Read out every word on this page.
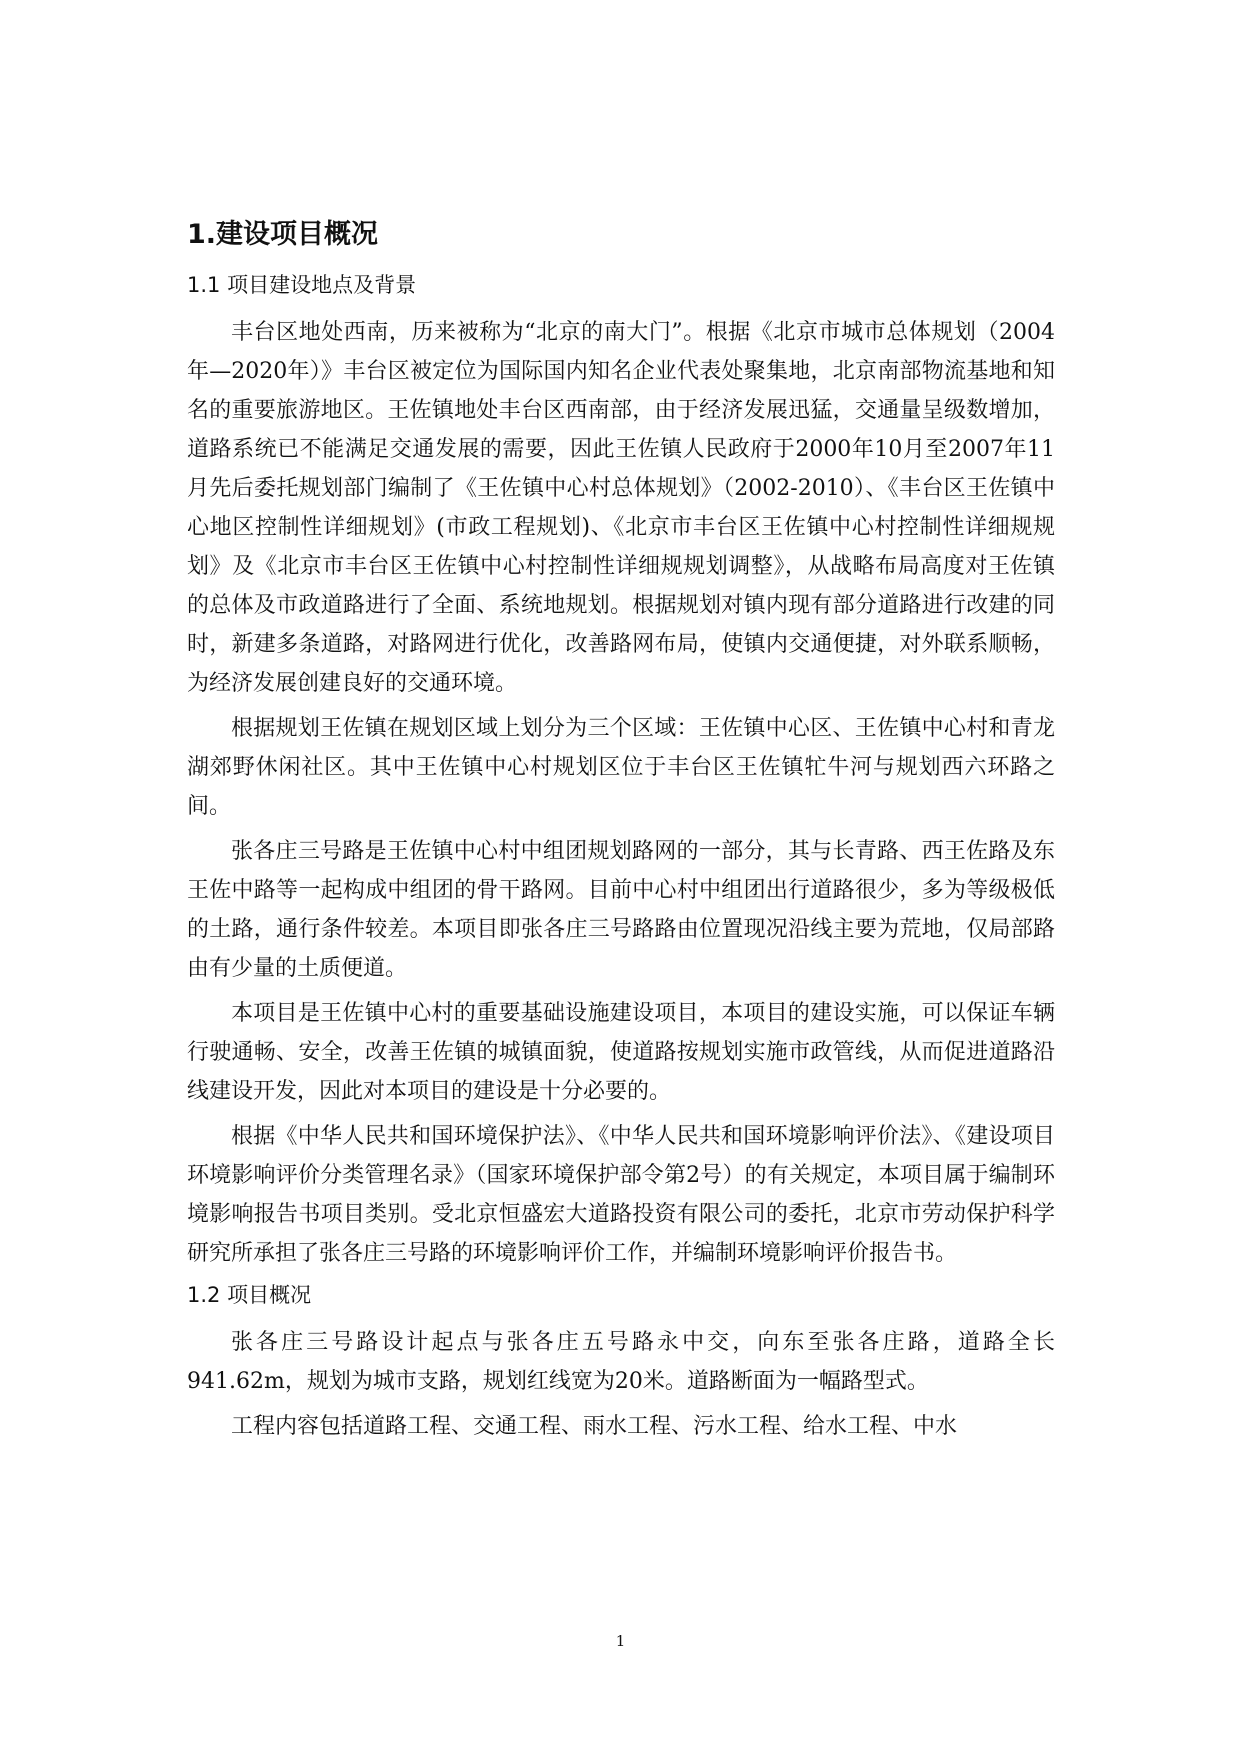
1.建设项目概况
1.1 项目建设地点及背景

丰台区地处西南，历来被称为“北京的南大门”。根据《北京市城市总体规划（2004年—2020年）》丰台区被定位为国际国内知名企业代表处聚集地，北京南部物流基地和知名的重要旅游地区。王佐镇地处丰台区西南部，由于经济发展迅猛，交通量呈级数增加，道路系统已不能满足交通发展的需要，因此王佐镇人民政府于2000年10月至2007年11月先后委托规划部门编制了《王佐镇中心村总体规划》（2002-2010）、《丰台区王佐镇中心地区控制性详细规划》(市政工程规划)、《北京市丰台区王佐镇中心村控制性详细规规划》及《北京市丰台区王佐镇中心村控制性详细规规划调整》，从战略布局高度对王佐镇的总体及市政道路进行了全面、系统地规划。根据规划对镇内现有部分道路进行改建的同时，新建多条道路，对路网进行优化，改善路网布局，使镇内交通便捷，对外联系顺畅，为经济发展创建良好的交通环境。

根据规划王佐镇在规划区域上划分为三个区域：王佐镇中心区、王佐镇中心村和青龙湖郊野休闲社区。其中王佐镇中心村规划区位于丰台区王佐镇牤牛河与规划西六环路之间。

张各庄三号路是王佐镇中心村中组团规划路网的一部分，其与长青路、西王佐路及东王佐中路等一起构成中组团的骨干路网。目前中心村中组团出行道路很少，多为等级极低的土路，通行条件较差。本项目即张各庄三号路路由位置现况沿线主要为荒地，仅局部路由有少量的土质便道。

本项目是王佐镇中心村的重要基础设施建设项目，本项目的建设实施，可以保证车辆行驶通畅、安全，改善王佐镇的城镇面貌，使道路按规划实施市政管线，从而促进道路沿线建设开发，因此对本项目的建设是十分必要的。

根据《中华人民共和国环境保护法》、《中华人民共和国环境影响评价法》、《建设项目环境影响评价分类管理名录》（国家环境保护部令第2号）的有关规定，本项目属于编制环境影响报告书项目类别。受北京恒盛宏大道路投资有限公司的委托，北京市劳动保护科学研究所承担了张各庄三号路的环境影响评价工作，并编制环境影响评价报告书。

1.2 项目概况

张各庄三号路设计起点与张各庄五号路永中交，向东至张各庄路，道路全长941.62m，规划为城市支路，规划红线宽为20米。道路断面为一幅路型式。

工程内容包括道路工程、交通工程、雨水工程、污水工程、给水工程、中水

1
